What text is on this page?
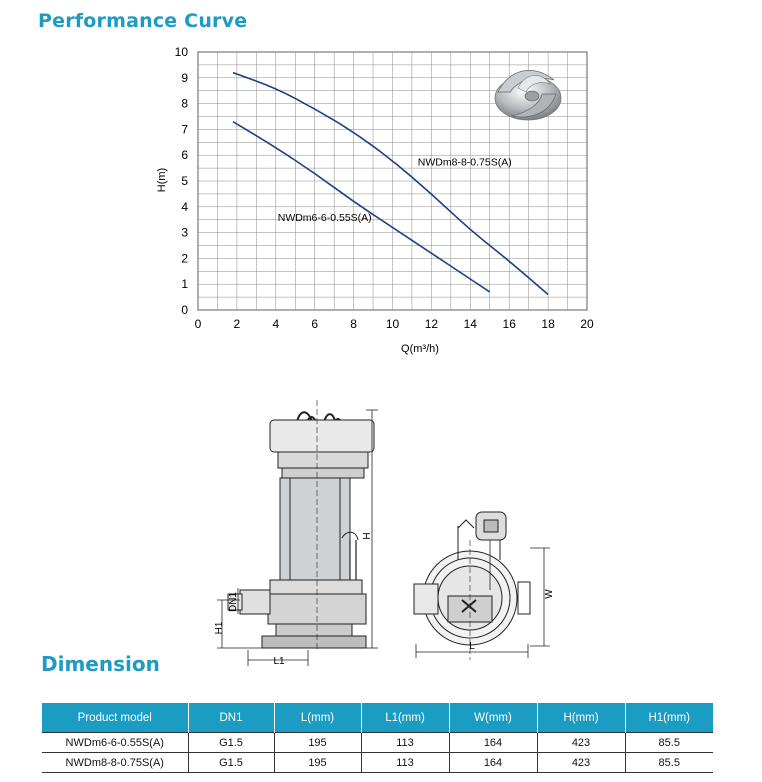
Performance Curve
0	2	4	6	8 10 12 14 16 18 20
0
1
2
3
4
5
6
7
8
9
10
NWDm8-8-0.75S(A)
NWDm6-6-0.55S(A)
H(m)
Q(m³/h)
H
H1
DN1
L1
L
W
Dimension
Product model	DN1	L(mm)	L1(mm)	W(mm)	H(mm)	H1(mm)
NWDm6-6-0.55S(A)	G1.5	195	113	164	423	85.5
NWDm8-8-0.75S(A)	G1.5	195	113	164	423	85.5
